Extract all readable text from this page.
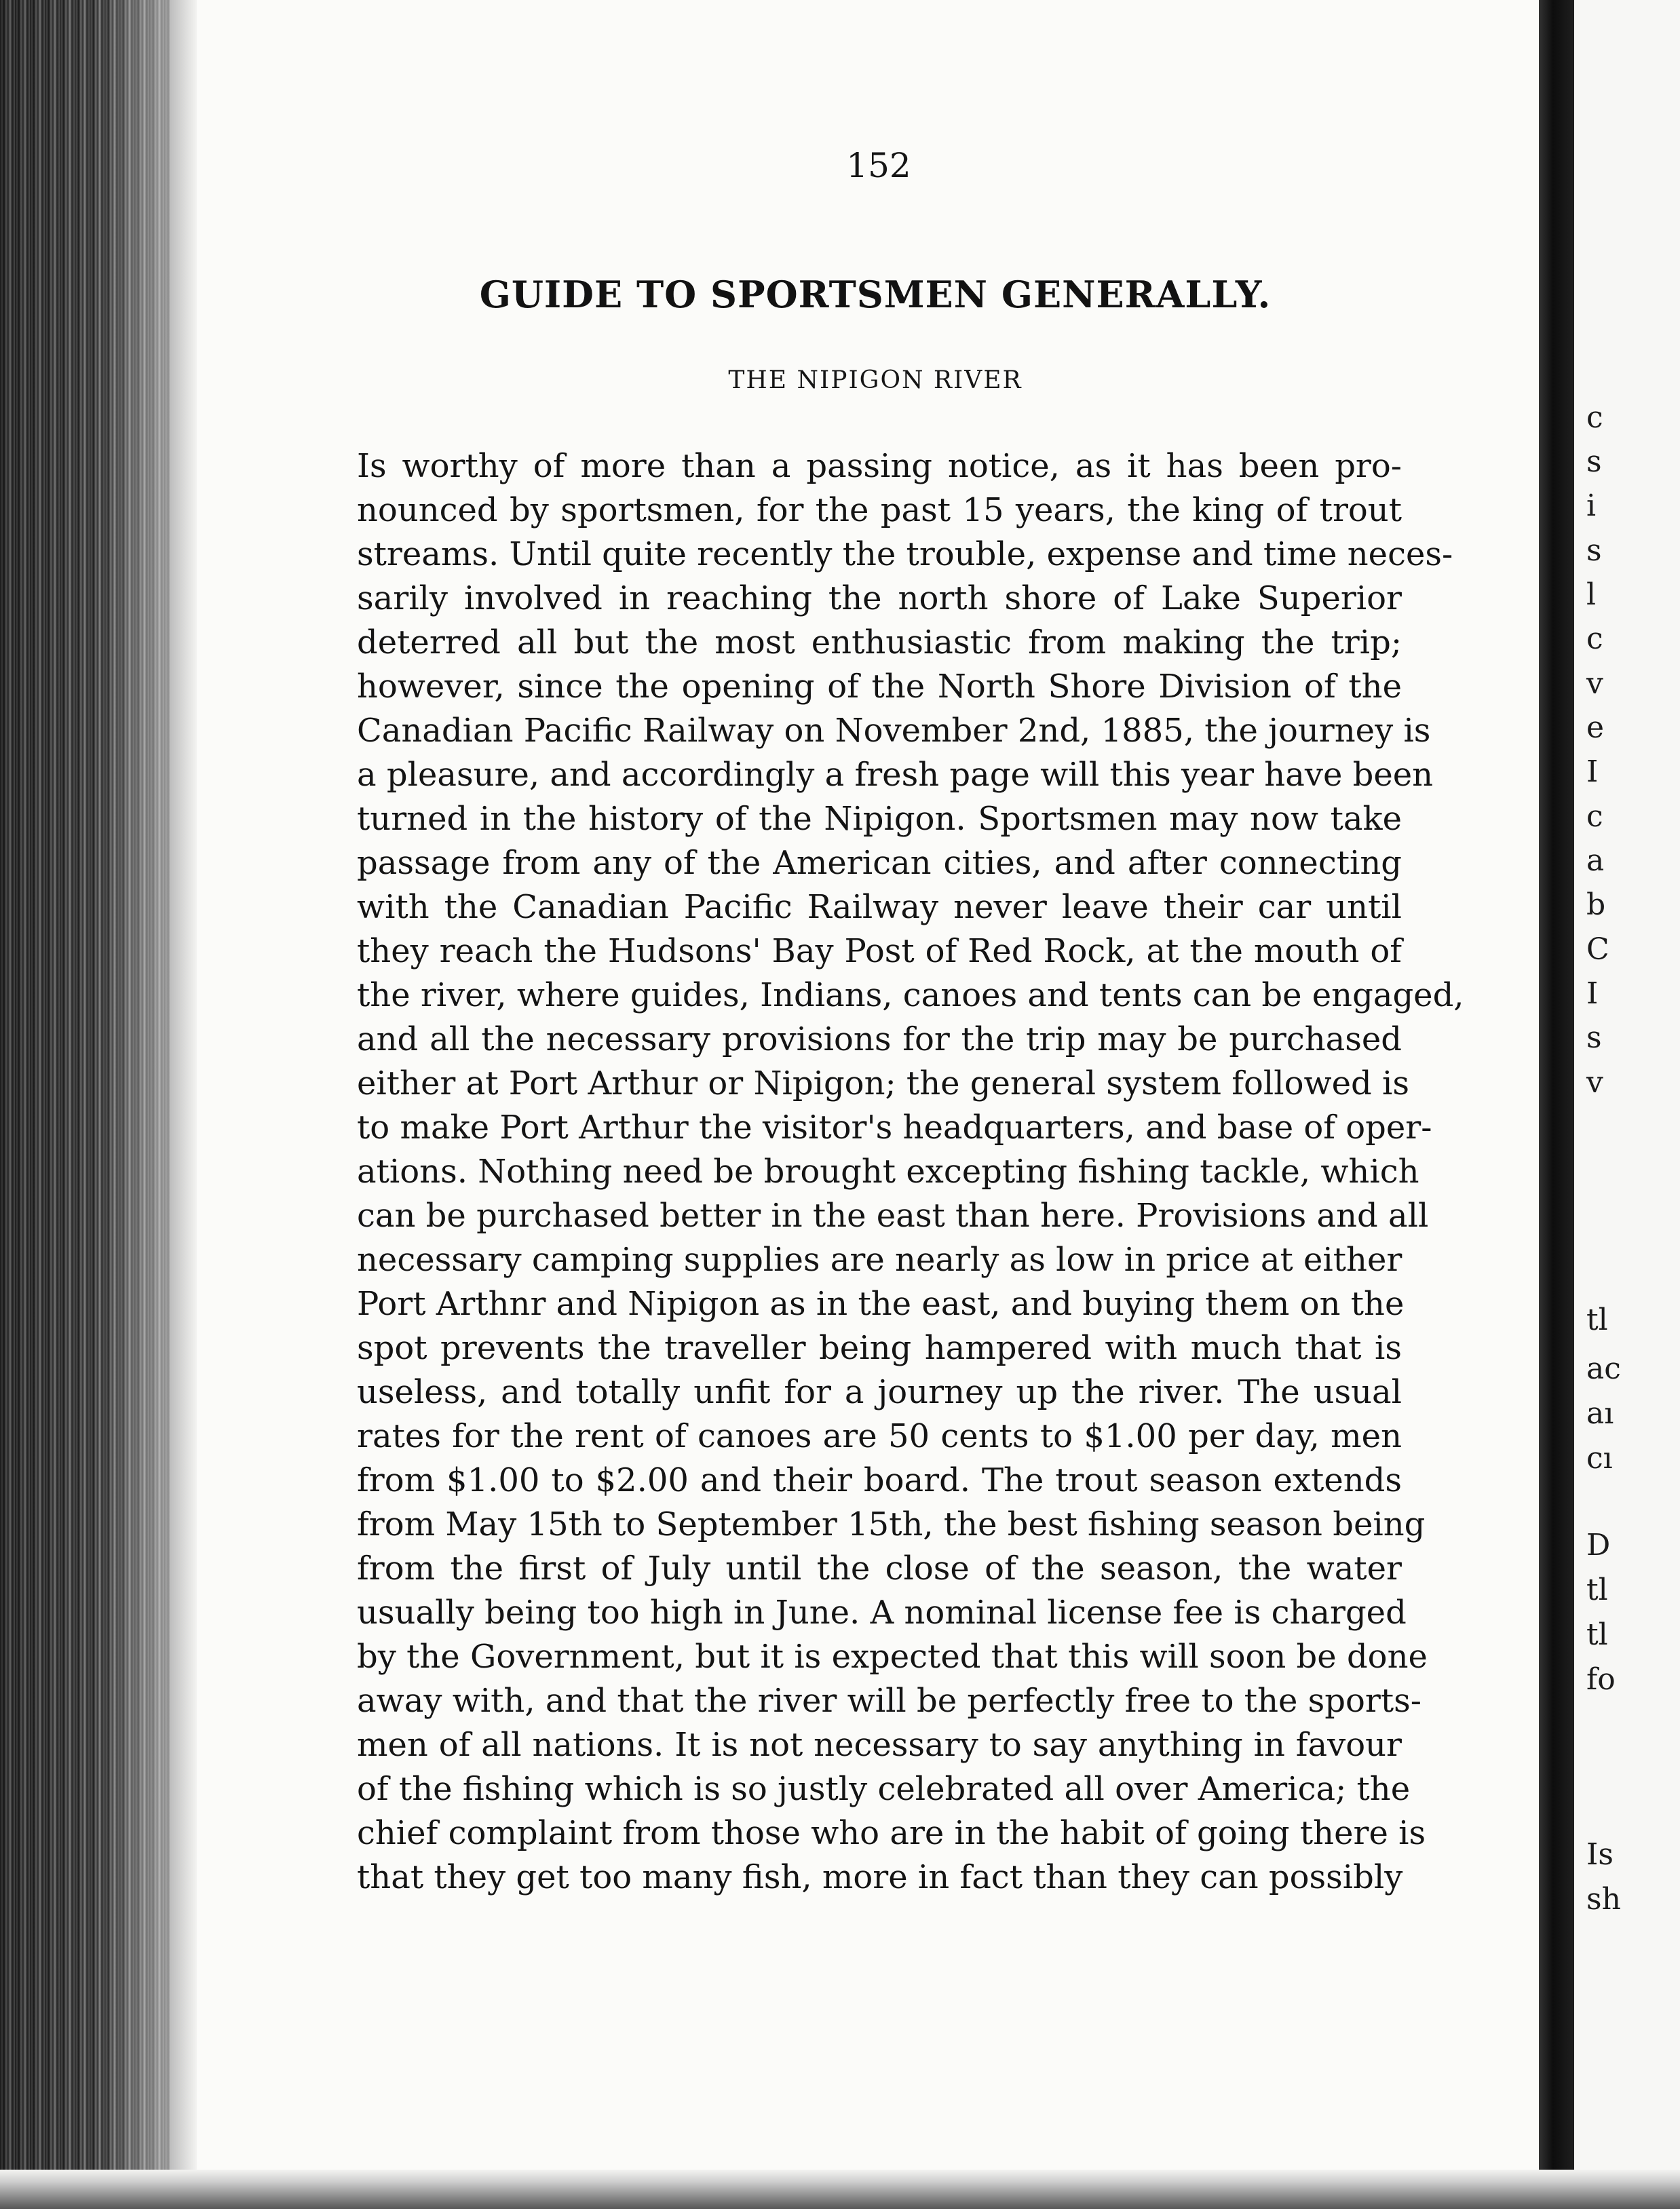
152
GUIDE TO SPORTSMEN GENERALLY.
THE NIPIGON RIVER
Is worthy of more than a passing notice, as it has been pro-
nounced by sportsmen, for the past 15 years, the king of trout
streams. Until quite recently the trouble, expense and time neces-
sarily involved in reaching the north shore of Lake Superior
deterred all but the most enthusiastic from making the trip;
however, since the opening of the North Shore Division of the
Canadian Pacific Railway on November 2nd, 1885, the journey is
a pleasure, and accordingly a fresh page will this year have been
turned in the history of the Nipigon. Sportsmen may now take
passage from any of the American cities, and after connecting
with the Canadian Pacific Railway never leave their car until
they reach the Hudsons' Bay Post of Red Rock, at the mouth of
the river, where guides, Indians, canoes and tents can be engaged,
and all the necessary provisions for the trip may be purchased
either at Port Arthur or Nipigon; the general system followed is
to make Port Arthur the visitor's headquarters, and base of oper-
ations. Nothing need be brought excepting fishing tackle, which
can be purchased better in the east than here. Provisions and all
necessary camping supplies are nearly as low in price at either
Port Arthnr and Nipigon as in the east, and buying them on the
spot prevents the traveller being hampered with much that is
useless, and totally unfit for a journey up the river. The usual
rates for the rent of canoes are 50 cents to $1.00 per day, men
from $1.00 to $2.00 and their board. The trout season extends
from May 15th to September 15th, the best fishing season being
from the first of July until the close of the season, the water
usually being too high in June. A nominal license fee is charged
by the Government, but it is expected that this will soon be done
away with, and that the river will be perfectly free to the sports-
men of all nations. It is not necessary to say anything in favour
of the fishing which is so justly celebrated all over America; the
chief complaint from those who are in the habit of going there is
that they get too many fish, more in fact than they can possibly
c
s
i
s
l
c
v
e
I
c
a
b
C
I
s
v
tl
ac
aı
cı
D
tl
tl
fo
Is
sh
